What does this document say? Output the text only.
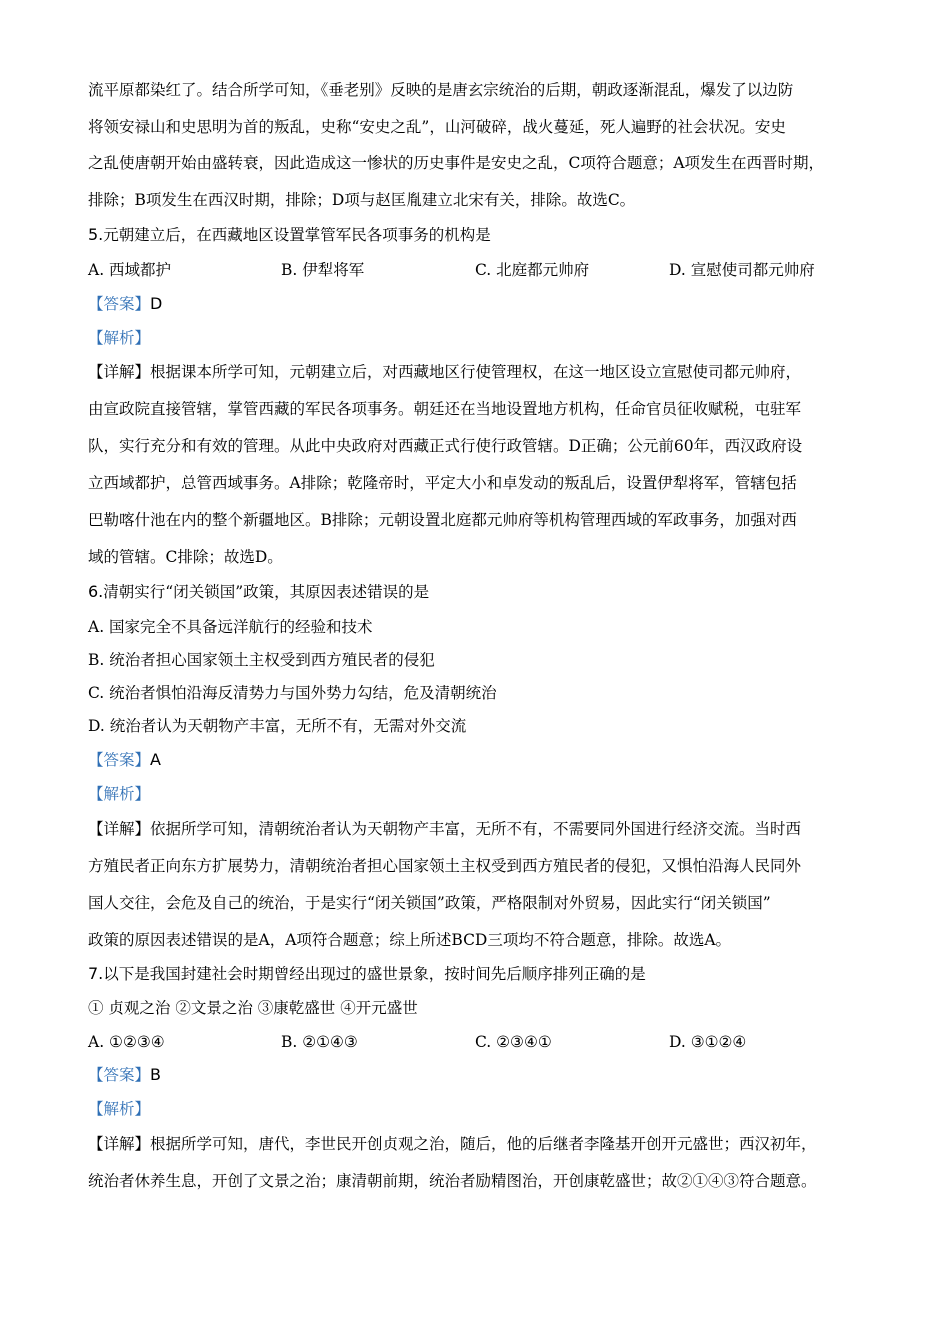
流平原都染红了。结合所学可知，《垂老别》反映的是唐玄宗统治的后期，朝政逐渐混乱，爆发了以边防
将领安禄山和史思明为首的叛乱，史称“安史之乱”，山河破碎，战火蔓延，死人遍野的社会状况。安史
之乱使唐朝开始由盛转衰，因此造成这一惨状的历史事件是安史之乱，C项符合题意；A项发生在西晋时期，
排除；B项发生在西汉时期，排除；D项与赵匡胤建立北宋有关，排除。故选C。
5.元朝建立后，在西藏地区设置掌管军民各项事务的机构是
A. 西域都护	B. 伊犁将军	C. 北庭都元帅府	D. 宣慰使司都元帅府
【答案】D
【解析】
【详解】根据课本所学可知，元朝建立后，对西藏地区行使管理权，在这一地区设立宣慰使司都元帅府，
由宣政院直接管辖，掌管西藏的军民各项事务。朝廷还在当地设置地方机构，任命官员征收赋税，屯驻军
队，实行充分和有效的管理。从此中央政府对西藏正式行使行政管辖。D正确；公元前60年，西汉政府设
立西域都护，总管西域事务。A排除；乾隆帝时，平定大小和卓发动的叛乱后，设置伊犁将军，管辖包括
巴勒喀什池在内的整个新疆地区。B排除；元朝设置北庭都元帅府等机构管理西域的军政事务，加强对西
域的管辖。C排除；故选D。
6.清朝实行“闭关锁国”政策，其原因表述错误的是
A. 国家完全不具备远洋航行的经验和技术
B. 统治者担心国家领土主权受到西方殖民者的侵犯
C. 统治者惧怕沿海反清势力与国外势力勾结，危及清朝统治
D. 统治者认为天朝物产丰富，无所不有，无需对外交流
【答案】A
【解析】
【详解】依据所学可知，清朝统治者认为天朝物产丰富，无所不有，不需要同外国进行经济交流。当时西
方殖民者正向东方扩展势力，清朝统治者担心国家领土主权受到西方殖民者的侵犯，又惧怕沿海人民同外
国人交往，会危及自己的统治，于是实行“闭关锁国”政策，严格限制对外贸易，因此实行“闭关锁国”
政策的原因表述错误的是A，A项符合题意；综上所述BCD三项均不符合题意，排除。故选A。
7.以下是我国封建社会时期曾经出现过的盛世景象，按时间先后顺序排列正确的是
① 贞观之治 ②文景之治 ③康乾盛世 ④开元盛世
A. ①②③④	B. ②①④③	C. ②③④①	D. ③①②④
【答案】B
【解析】
【详解】根据所学可知，唐代，李世民开创贞观之治，随后，他的后继者李隆基开创开元盛世；西汉初年，
统治者休养生息，开创了文景之治；康清朝前期，统治者励精图治，开创康乾盛世；故②①④③符合题意。
